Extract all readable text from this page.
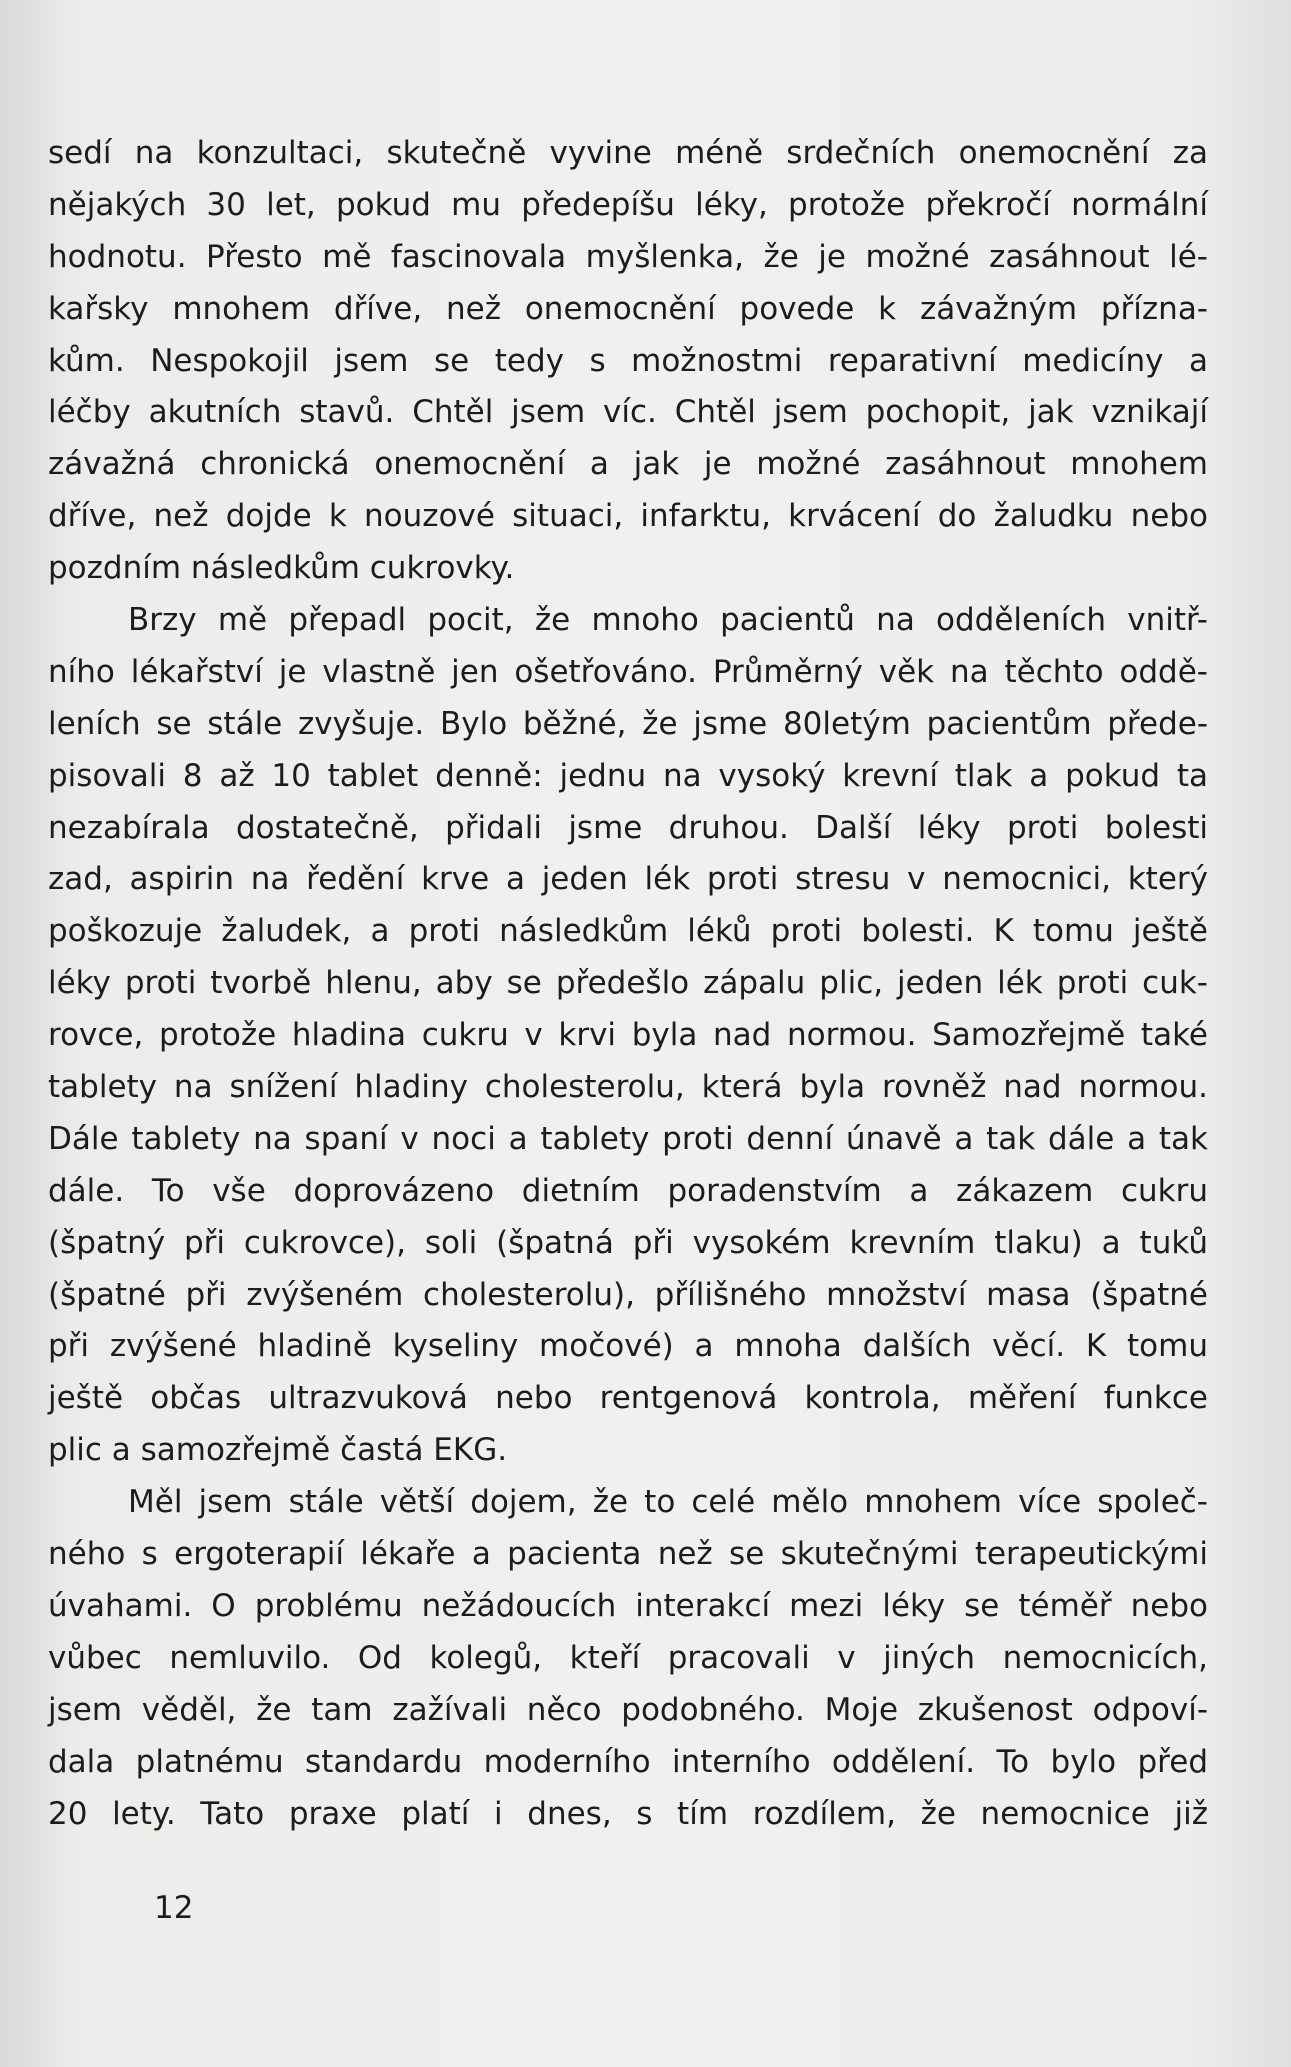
sedí na konzultaci, skutečně vyvine méně srdečních onemocnění za
nějakých 30 let, pokud mu předepíšu léky, protože překročí normální
hodnotu. Přesto mě fascinovala myšlenka, že je možné zasáhnout lé-
kařsky mnohem dříve, než onemocnění povede k závažným přízna-
kům. Nespokojil jsem se tedy s možnostmi reparativní medicíny a
léčby akutních stavů. Chtěl jsem víc. Chtěl jsem pochopit, jak vznikají
závažná chronická onemocnění a jak je možné zasáhnout mnohem
dříve, než dojde k nouzové situaci, infarktu, krvácení do žaludku nebo
pozdním následkům cukrovky.
Brzy mě přepadl pocit, že mnoho pacientů na odděleních vnitř-
ního lékařství je vlastně jen ošetřováno. Průměrný věk na těchto oddě-
leních se stále zvyšuje. Bylo běžné, že jsme 80letým pacientům přede-
pisovali 8 až 10 tablet denně: jednu na vysoký krevní tlak a pokud ta
nezabírala dostatečně, přidali jsme druhou. Další léky proti bolesti
zad, aspirin na ředění krve a jeden lék proti stresu v nemocnici, který
poškozuje žaludek, a proti následkům léků proti bolesti. K tomu ještě
léky proti tvorbě hlenu, aby se předešlo zápalu plic, jeden lék proti cuk-
rovce, protože hladina cukru v krvi byla nad normou. Samozřejmě také
tablety na snížení hladiny cholesterolu, která byla rovněž nad normou.
Dále tablety na spaní v noci a tablety proti denní únavě a tak dále a tak
dále. To vše doprovázeno dietním poradenstvím a zákazem cukru
(špatný při cukrovce), soli (špatná při vysokém krevním tlaku) a tuků
(špatné při zvýšeném cholesterolu), přílišného množství masa (špatné
při zvýšené hladině kyseliny močové) a mnoha dalších věcí. K tomu
ještě občas ultrazvuková nebo rentgenová kontrola, měření funkce
plic a samozřejmě častá EKG.
Měl jsem stále větší dojem, že to celé mělo mnohem více společ-
ného s ergoterapií lékaře a pacienta než se skutečnými terapeutickými
úvahami. O problému nežádoucích interakcí mezi léky se téměř nebo
vůbec nemluvilo. Od kolegů, kteří pracovali v jiných nemocnicích,
jsem věděl, že tam zažívali něco podobného. Moje zkušenost odpoví-
dala platnému standardu moderního interního oddělení. To bylo před
20 lety. Tato praxe platí i dnes, s tím rozdílem, že nemocnice již
12
